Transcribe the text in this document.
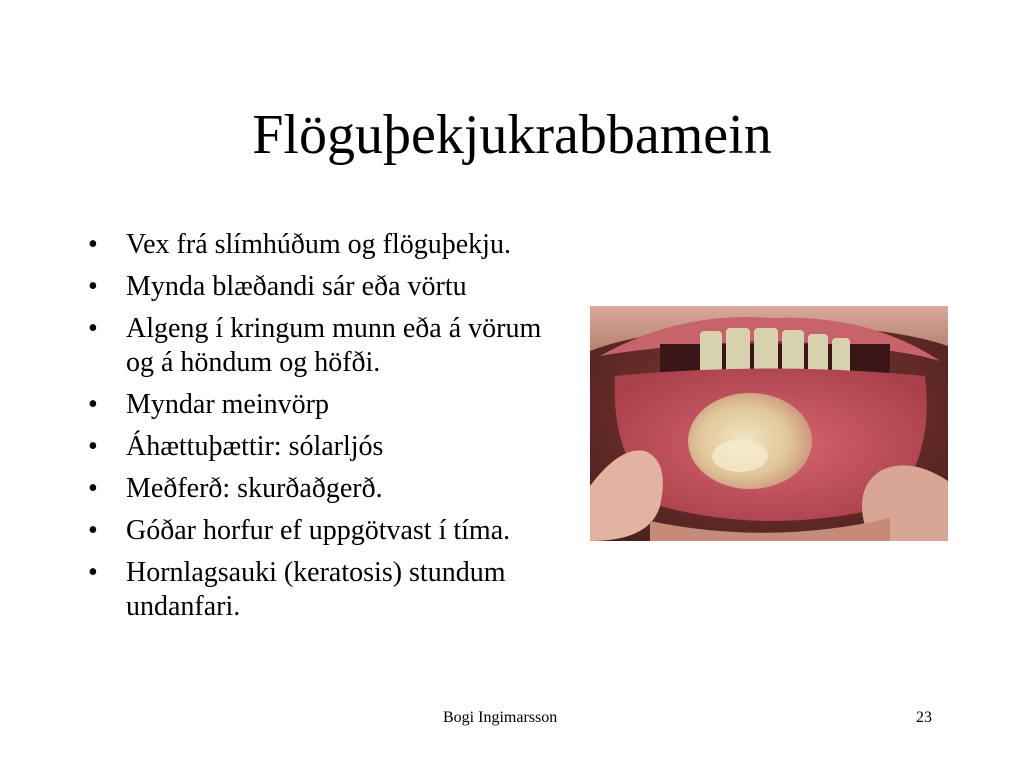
Flöguþekjukrabbamein
• Vex frá slímhúðum og flöguþekju.
• Mynda blæðandi sár eða vörtu
• Algeng í kringum munn eða á vörum og á höndum og höfði.
• Myndar meinvörp
• Áhættuþættir: sólarljós
• Meðferð: skurðaðgerð.
• Góðar horfur ef uppgötvast í tíma.
• Hornlagsauki (keratosis) stundum undanfari.
Bogi Ingimarsson	23
